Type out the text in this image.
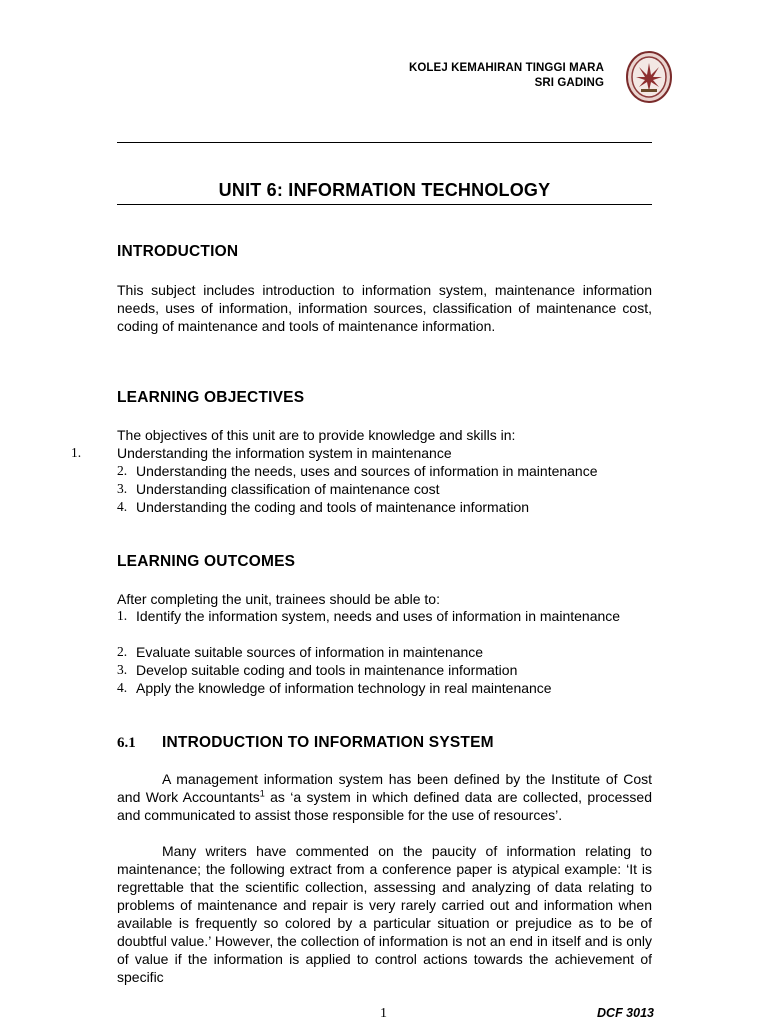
KOLEJ KEMAHIRAN TINGGI MARA
SRI GADING
UNIT 6: INFORMATION TECHNOLOGY
INTRODUCTION
This subject includes introduction to information system, maintenance information needs, uses of information, information sources, classification of maintenance cost, coding of maintenance and tools of maintenance information.
LEARNING OBJECTIVES
The objectives of this unit are to provide knowledge and skills in:
1.	Understanding the information system in maintenance
2. Understanding the needs, uses and sources of information in maintenance
3. Understanding classification of maintenance cost
4. Understanding the coding and tools of maintenance information
LEARNING OUTCOMES
After completing the unit, trainees should be able to:
1. Identify the information system, needs and uses of information in maintenance
2. Evaluate suitable sources of information in maintenance
3. Develop suitable coding and tools in maintenance information
4. Apply the knowledge of information technology in real maintenance
6.1 INTRODUCTION TO INFORMATION SYSTEM
A management information system has been defined by the Institute of Cost and Work Accountants$^1$ as ‘a system in which defined data are collected, processed and communicated to assist those responsible for the use of resources’.
Many writers have commented on the paucity of information relating to maintenance; the following extract from a conference paper is atypical example: ‘It is regrettable that the scientific collection, assessing and analyzing of data relating to problems of maintenance and repair is very rarely carried out and information when available is frequently so colored by a particular situation or prejudice as to be of doubtful value.’ However, the collection of information is not an end in itself and is only of value if the information is applied to control actions towards the achievement of specific
1	DCF 3013
